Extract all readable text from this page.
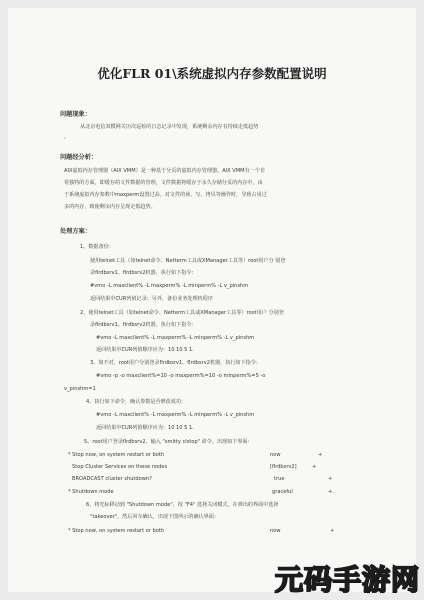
优化FLR 01\系统虚拟内存参数配置说明
问题现象：
从北京电信双模网关历次巡检的日志记录中发现，系统剩余内存有持续走低趋势
。
问题经分析：
AIX虚拟内存管理器（AIX VMM）是一种基于分页的虚拟内存管理器，AIX VMM有一个非
常独特的方面，即缓存的文件数据的管理，文件数据将缓存于永久存储分页的内存中。由
于系统虚拟内存参数中maxperm设置过高，对文件的读、写、拷贝等操作时，导致占用过
多的内存，致使剩余内存呈现走低趋势。
处理方案：
1、数据备份：
使用telnet工具（如telnet命令、Netterm工具或XManager工具等）root用户分 别登
录flrdbsrv1、flrdbsrv2机器，执行如下指令：
#vmo -L maxclient% -L maxperm% -L minperm% -L v_pinshm
返回结果中CUR列值记录：另外，备份业务处理机程序
2、使用telnet工具（如telnet命令、Netterm工具或XManager工具等）root用户 分别登
录flrdbsrv1、flrdbsrv2机器，执行如下指令：
#vmo -L maxclient% -L maxperm% -L minperm% -L v_pinshm
返回结果中CUR列值顺序应为：10 10 5 1.
3、如不对，root用户分别登录flrdbsrv1、flrdbsrv2机器，执行如下指令：
#vmo -p -o maxclient%=10 -o maxperm%=10 -o minperm%=5 -o
v_pinshm=1
4、执行如下命令，确认参数是否修改成功：
#vmo -L maxclient% -L maxperm% -L minperm% -L v_pinshm
返回结果中CUR列值顺序应为：10 10 5 1.
5、root用户登录flrdbsrv2，输入 "smitty clstop" 命令，出现如下界面：
* Stop now, on system restart or both	now	+
Stop Cluster Services on these nodes	[flrdbsrv2]	+
BROADCAST cluster shutdown?	true	+
* Shutdown mode	graceful	+.
6、将光标移动到 "Shutdown mode"，按 "F4" 选择关闭模式，在弹出的界面中选择
"takeover"，然后回车确认，出现下图所示的确认界面：
* Stop now, on system restart or both	now	+
元码手游网
